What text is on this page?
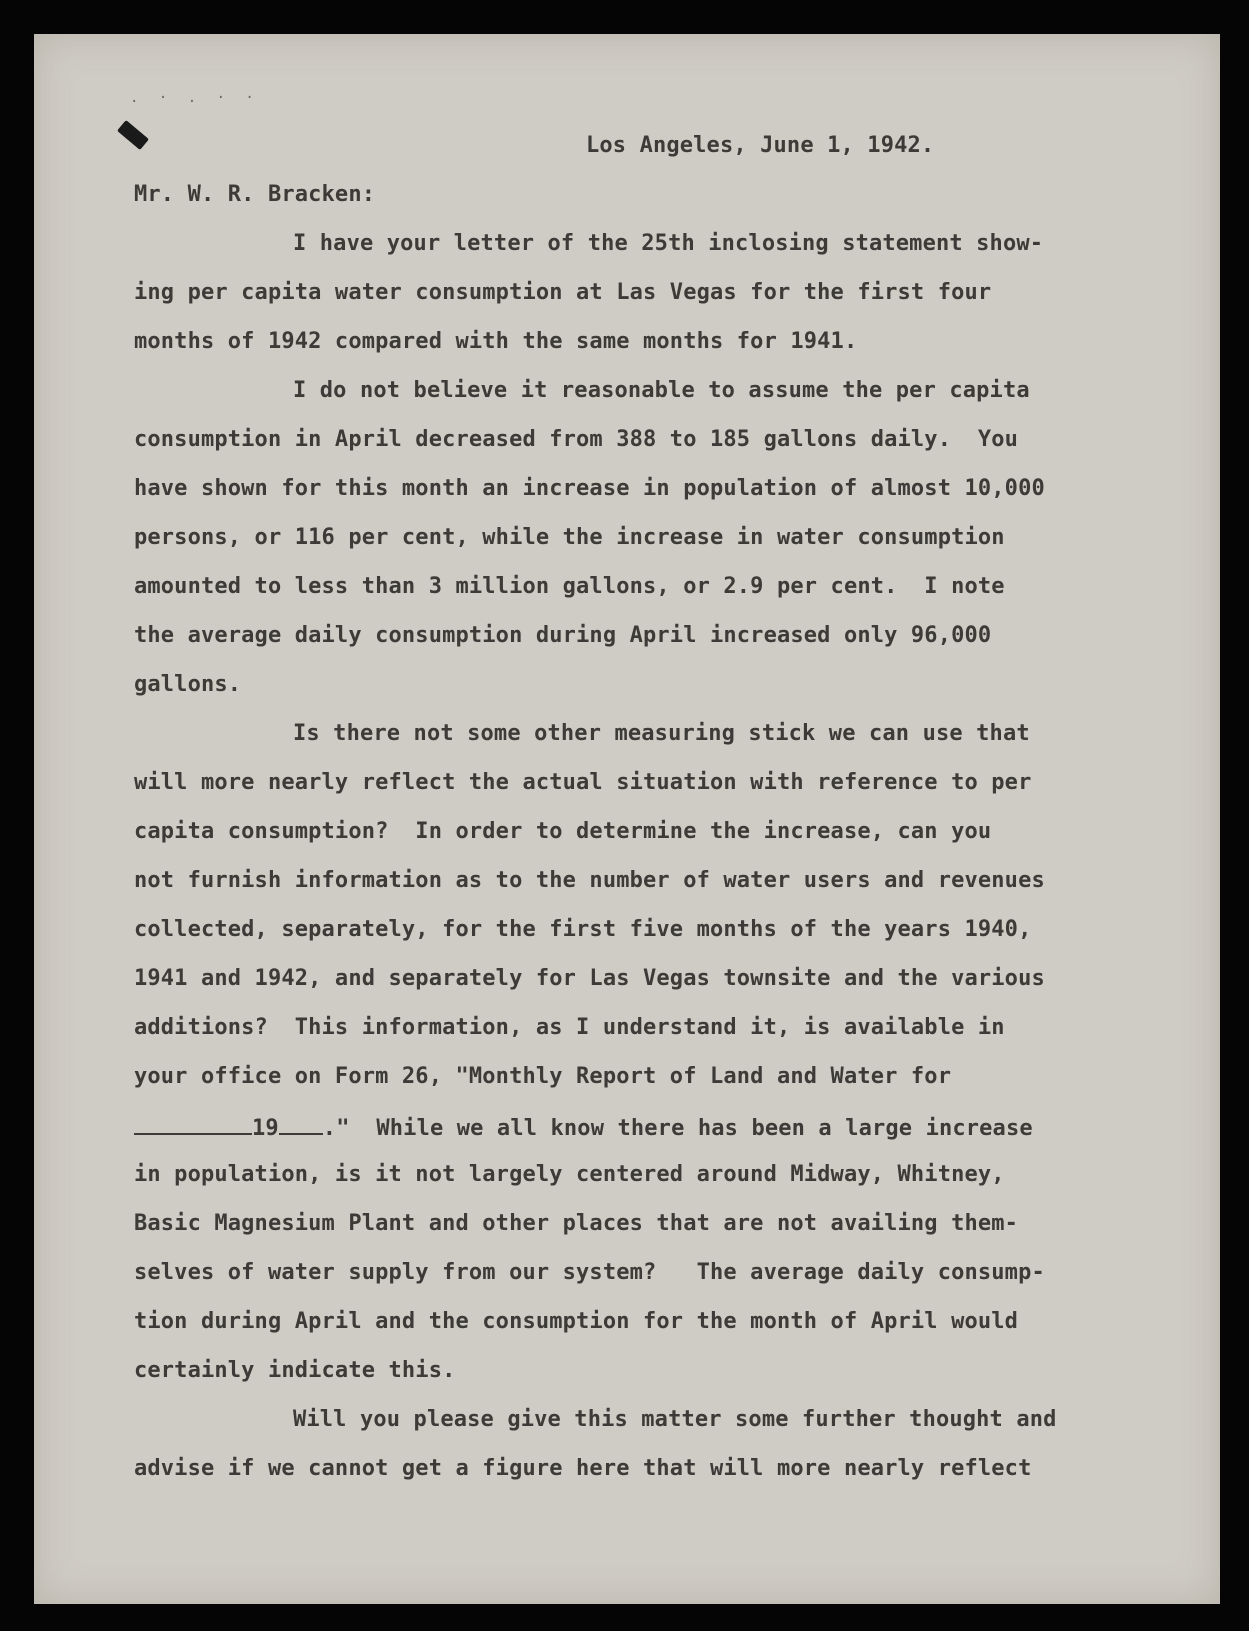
. · . · ·
Los Angeles, June 1, 1942.
Mr. W. R. Bracken:
I have your letter of the 25th inclosing statement show-
ing per capita water consumption at Las Vegas for the first four
months of 1942 compared with the same months for 1941.
I do not believe it reasonable to assume the per capita
consumption in April decreased from 388 to 185 gallons daily.  You
have shown for this month an increase in population of almost 10,000
persons, or 116 per cent, while the increase in water consumption
amounted to less than 3 million gallons, or 2.9 per cent.  I note
the average daily consumption during April increased only 96,000
gallons.
Is there not some other measuring stick we can use that
will more nearly reflect the actual situation with reference to per
capita consumption?  In order to determine the increase, can you
not furnish information as to the number of water users and revenues
collected, separately, for the first five months of the years 1940,
1941 and 1942, and separately for Las Vegas townsite and the various
additions?  This information, as I understand it, is available in
your office on Form 26, "Monthly Report of Land and Water for
19 ."  While we all know there has been a large increase
in population, is it not largely centered around Midway, Whitney,
Basic Magnesium Plant and other places that are not availing them-
selves of water supply from our system?   The average daily consump-
tion during April and the consumption for the month of April would
certainly indicate this.
Will you please give this matter some further thought and
advise if we cannot get a figure here that will more nearly reflect
